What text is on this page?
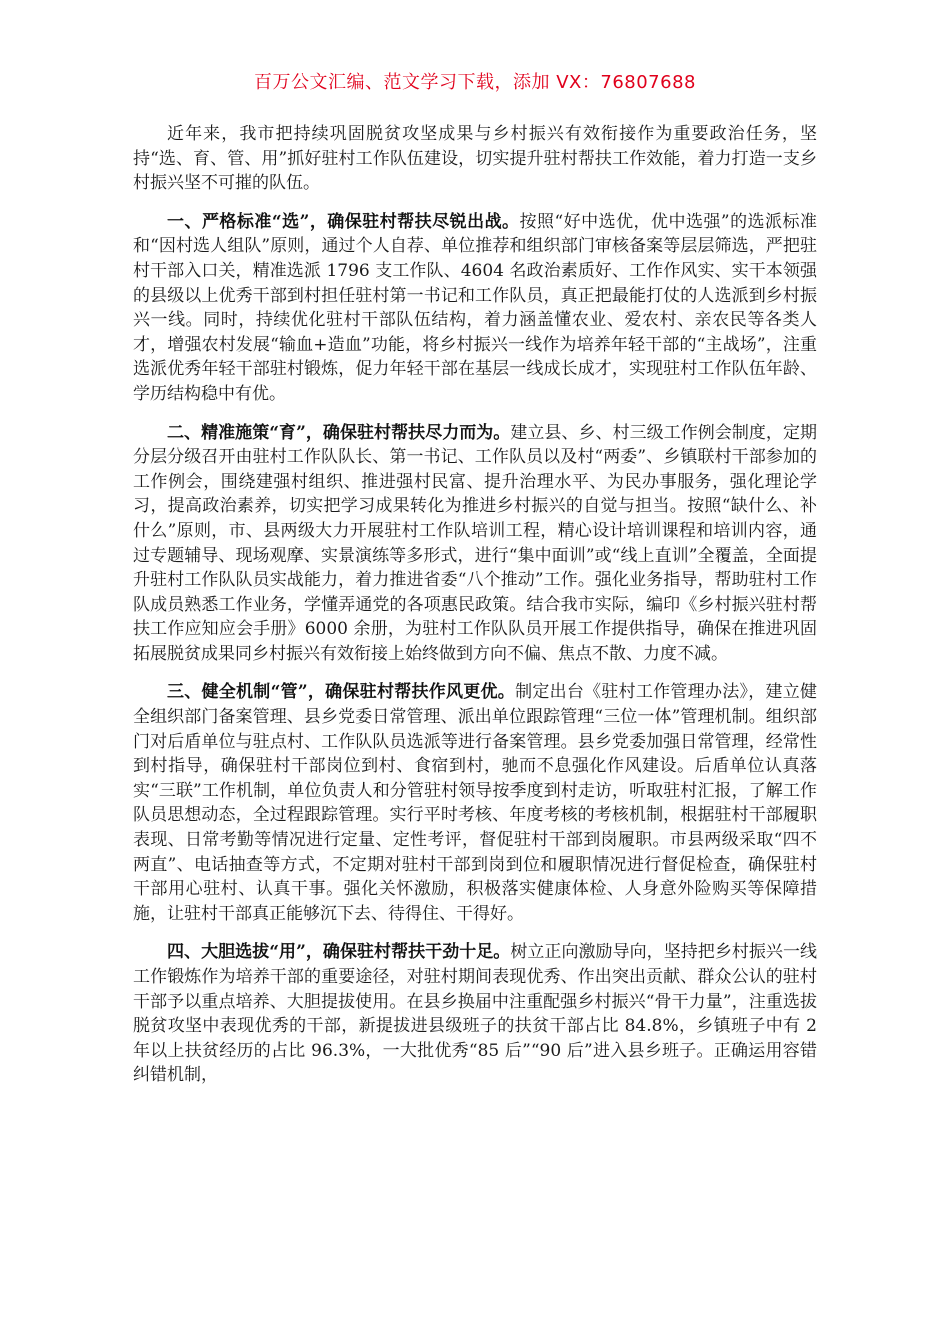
百万公文汇编、范文学习下载，添加 VX：76807688

近年来，我市把持续巩固脱贫攻坚成果与乡村振兴有效衔接作为重要政治任务，坚持“选、育、管、用”抓好驻村工作队伍建设，切实提升驻村帮扶工作效能，着力打造一支乡村振兴坚不可摧的队伍。

一、严格标准“选”，确保驻村帮扶尽锐出战。按照“好中选优，优中选强”的选派标准和“因村选人组队”原则，通过个人自荐、单位推荐和组织部门审核备案等层层筛选，严把驻村干部入口关，精准选派 1796 支工作队、4604 名政治素质好、工作作风实、实干本领强的县级以上优秀干部到村担任驻村第一书记和工作队员，真正把最能打仗的人选派到乡村振兴一线。同时，持续优化驻村干部队伍结构，着力涵盖懂农业、爱农村、亲农民等各类人才，增强农村发展“输血+造血”功能，将乡村振兴一线作为培养年轻干部的“主战场”，注重选派优秀年轻干部驻村锻炼，促力年轻干部在基层一线成长成才，实现驻村工作队伍年龄、学历结构稳中有优。

二、精准施策“育”，确保驻村帮扶尽力而为。建立县、乡、村三级工作例会制度，定期分层分级召开由驻村工作队队长、第一书记、工作队员以及村“两委”、乡镇联村干部参加的工作例会，围绕建强村组织、推进强村民富、提升治理水平、为民办事服务，强化理论学习，提高政治素养，切实把学习成果转化为推进乡村振兴的自觉与担当。按照“缺什么、补什么”原则，市、县两级大力开展驻村工作队培训工程，精心设计培训课程和培训内容，通过专题辅导、现场观摩、实景演练等多形式，进行“集中面训”或“线上直训”全覆盖，全面提升驻村工作队队员实战能力，着力推进省委“八个推动”工作。强化业务指导，帮助驻村工作队成员熟悉工作业务，学懂弄通党的各项惠民政策。结合我市实际，编印《乡村振兴驻村帮扶工作应知应会手册》6000 余册，为驻村工作队队员开展工作提供指导，确保在推进巩固拓展脱贫成果同乡村振兴有效衔接上始终做到方向不偏、焦点不散、力度不减。

三、健全机制“管”，确保驻村帮扶作风更优。制定出台《驻村工作管理办法》，建立健全组织部门备案管理、县乡党委日常管理、派出单位跟踪管理“三位一体”管理机制。组织部门对后盾单位与驻点村、工作队队员选派等进行备案管理。县乡党委加强日常管理，经常性到村指导，确保驻村干部岗位到村、食宿到村，驰而不息强化作风建设。后盾单位认真落实“三联”工作机制，单位负责人和分管驻村领导按季度到村走访，听取驻村汇报，了解工作队员思想动态，全过程跟踪管理。实行平时考核、年度考核的考核机制，根据驻村干部履职表现、日常考勤等情况进行定量、定性考评，督促驻村干部到岗履职。市县两级采取“四不两直”、电话抽查等方式，不定期对驻村干部到岗到位和履职情况进行督促检查，确保驻村干部用心驻村、认真干事。强化关怀激励，积极落实健康体检、人身意外险购买等保障措施，让驻村干部真正能够沉下去、待得住、干得好。

四、大胆选拔“用”，确保驻村帮扶干劲十足。树立正向激励导向，坚持把乡村振兴一线工作锻炼作为培养干部的重要途径，对驻村期间表现优秀、作出突出贡献、群众公认的驻村干部予以重点培养、大胆提拔使用。在县乡换届中注重配强乡村振兴“骨干力量”，注重选拔脱贫攻坚中表现优秀的干部，新提拔进县级班子的扶贫干部占比 84.8%，乡镇班子中有 2 年以上扶贫经历的占比 96.3%，一大批优秀“85 后”“90 后”进入县乡班子。正确运用容错纠错机制，
